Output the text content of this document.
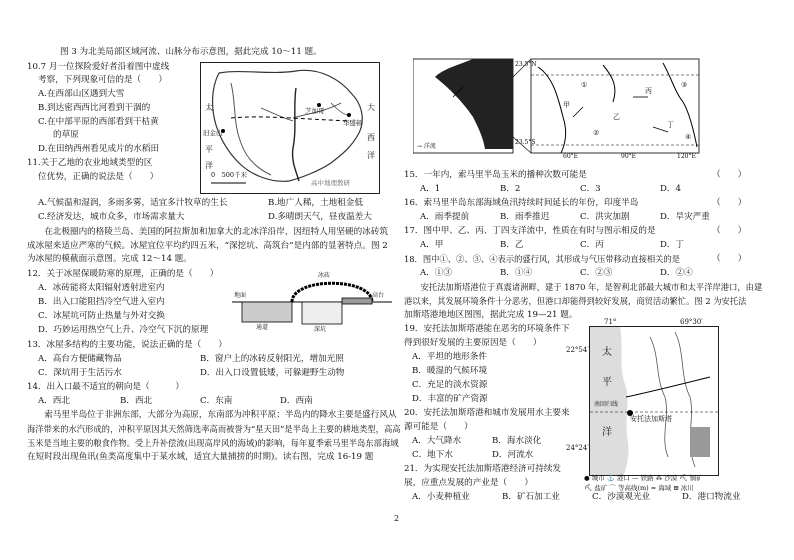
图 3 为北美局部区域河流、山脉分布示意图，据此完成 10～11 题。
10.7 月一位探险爱好者沿着图中虚线
考察，下列现象可信的是（　　）
A.在西部山区遇到大雪
B.到达密西西比河看到干涸的
C.在中部平原的西部看到干枯黄
的草原
D.在田纳西州看见成片的水稻田
11.关于乙地的农业地域类型的区
位优势，正确的说法是（　　）
A.气候温和湿润，多雨多雾，适宜多汁牧草的生长	B.地广人稀，土地租金低
C.经济发达，城市众多，市场需求量大	D.多晴朗天气，昼夜温差大
太
平
洋
大
西
洋
旧金山
芝加哥
华盛顿
0　500千米
高中地理教研
　　在北极圈内的格陵兰岛、美国的阿拉斯加和加拿大的北冰洋沿岸，因纽特人用坚硬的冰砖筑
成冰屋来适应严寒的气候。冰屋宜位平均约四五米，“深挖坑、高筑台”是内部的显著特点。图 2
为冰屋的模截面示意图。完成 12～14 题。
12．关于冰屋保暖防寒的原理，正确的是（　　）
A．冰砖能将太阳辐射透射进室内
B．出入口能阻挡冷空气进入室内
C．冰屋坑可防止热量与外对交换
D．巧妙运用热空气上升、冷空气下沉的原理
地面
冰砖
通道
高台
深坑
13．冰屋多结构的主要功能，说法正确的是（　　）
A．高台方便储藏物品	B．窗户上的冰砖反射阳光，增加光照
C．深坑用于生活污水	D．出入口设置低矮，可躲避野生动物
14．出入口最不适宜的朝向是（　　　）
A．西北	B．西北	C．东南	D．西南
　　索马里半岛位于非洲东部，大部分为高原，东南部为冲积平原；半岛内的降水主要是盛行风从
海洋带来的水汽形成的，冲积平原因其天然筛选率高而被誉为“星天田”是半岛上主要的耕地类型，高高
玉米是当地主要的粮食作物。受上升补偿流(出现高岸风的海域)的影响，每年夏季索马里半岛东部海域
在短时段出现鱼讯(鱼类高度集中于某水域，适宜大量捕捞的时期)。读右图，完成 16-19 题
23.5°N
23.5°S
60°E	90°E	120°E
甲
乙
丙
丁
①
②
③
④
→ 洋流
15．一年内，索马里半岛玉米的播种次数可能是	（　　）
A．1	B．2	C．3	D．4
16．索马里半岛东部海域鱼汛持续时间延长的年份，印度半岛	（　　）
A．雨季提前	B．雨季推迟	C．洪灾加剧	D．旱灾严重
17．图中甲、乙、丙、丁四支洋流中，性质在有时与图示相反的是	（　　）
A．甲	B．乙	C．丙	D．丁
18．图中①、②、③、④表示的盛行风，其形成与气压带移动直接相关的是	（　　）
A．①③	B．①④	C．②③	D．②④
　　安托法加斯塔港位于真震诸洲畔，建于 1870 年，是智利北部最大城市和太平洋岸港口，由建
港以来，其发展环境条件十分恶劣，但港口却能得到较好发展，商贸活动繁忙。图 2 为安托法
加斯塔港地地区图图，据此完成 19—21 题。
19．安托法加斯塔港能在恶劣的环境条件下
得到很好发展的主要原因是（　　）
A．平坦的地形条件
B．暖湿的气候环境
C．充足的淡水资源
D．丰富的矿产资源
20．安托法加斯塔港和城市发展用水主要来
源可能是（　　）
A．大气降水	B．海水淡化
C．地下水	D．河流水
21．为实现安托法加斯塔港经济可持续发
展，应重点发展的产业是（　　）
A．小麦种植业	B．矿石加工业	C．沙漠观光业	D．港口物流业
太
平
洋
南回归线
安托法加斯塔
71°	69°30′
22°54′
24°24′
● 城市 ⚓ 港口 — 铁路 ⁂ 沙漠 ⛏ 铜矿
⛏ 盐矿 ⌒ 等高线(m) ≈ 海域 ⊞ 冰川
2
